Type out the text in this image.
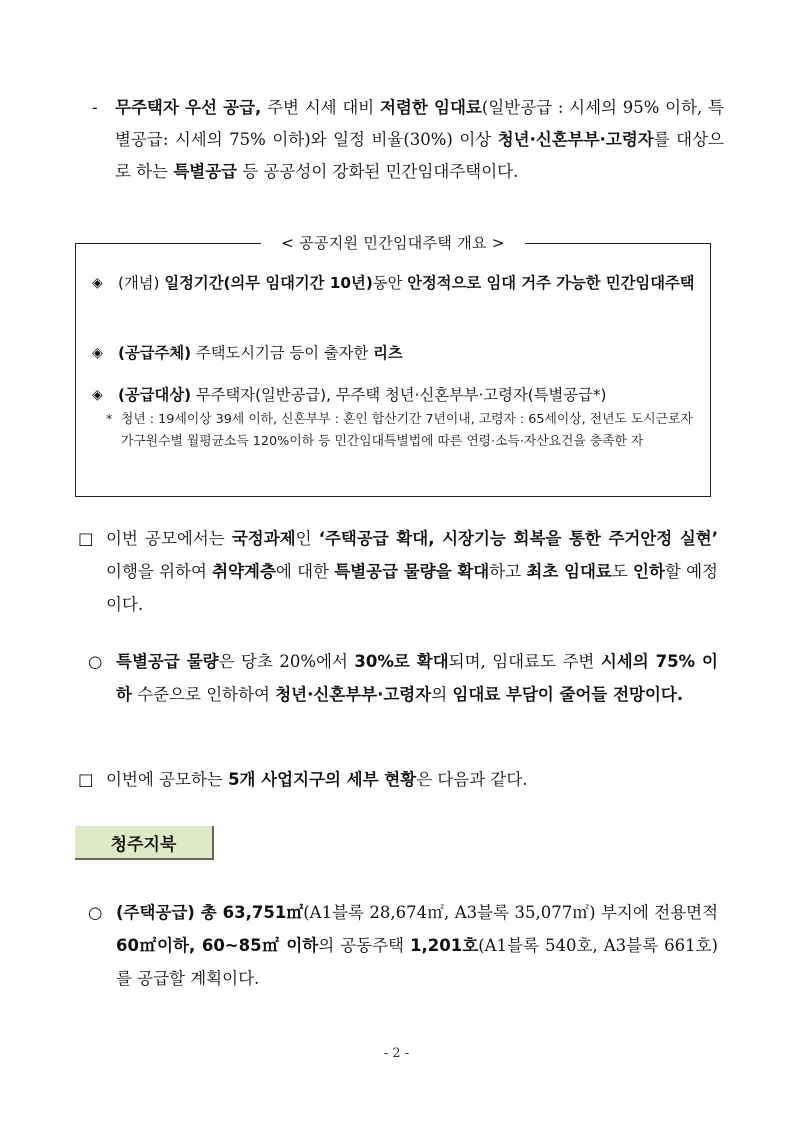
- 무주택자 우선 공급, 주변 시세 대비 저렴한 임대료(일반공급 : 시세의 95% 이하, 특별공급: 시세의 75% 이하)와 일정 비율(30%) 이상 청년·신혼부부·고령자를 대상으로 하는 특별공급 등 공공성이 강화된 민간임대주택이다.
< 공공지원 민간임대주택 개요 >
◈ (개념) 일정기간(의무 임대기간 10년)동안 안정적으로 임대 거주 가능한 민간임대주택
◈ (공급주체) 주택도시기금 등이 출자한 리츠
◈ (공급대상) 무주택자(일반공급), 무주택 청년·신혼부부·고령자(특별공급*)
* 청년 : 19세이상 39세 이하, 신혼부부 : 혼인 합산기간 7년이내, 고령자 : 65세이상, 전년도 도시근로자 가구원수별 월평균소득 120%이하 등 민간임대특별법에 따른 연령·소득·자산요건을 충족한 자
□ 이번 공모에서는 국정과제인 ‘주택공급 확대, 시장기능 회복을 통한 주거안정 실현’ 이행을 위하여 취약계층에 대한 특별공급 물량을 확대하고 최초 임대료도 인하할 예정이다.
○ 특별공급 물량은 당초 20%에서 30%로 확대되며, 임대료도 주변 시세의 75% 이하 수준으로 인하하여 청년·신혼부부·고령자의 임대료 부담이 줄어들 전망이다.
□ 이번에 공모하는 5개 사업지구의 세부 현황은 다음과 같다.
청주지북
○ (주택공급) 총 63,751㎡(A1블록 28,674㎡, A3블록 35,077㎡) 부지에 전용면적 60㎡이하, 60~85㎡ 이하의 공동주택 1,201호(A1블록 540호, A3블록 661호)를 공급할 계획이다.
- 2 -
